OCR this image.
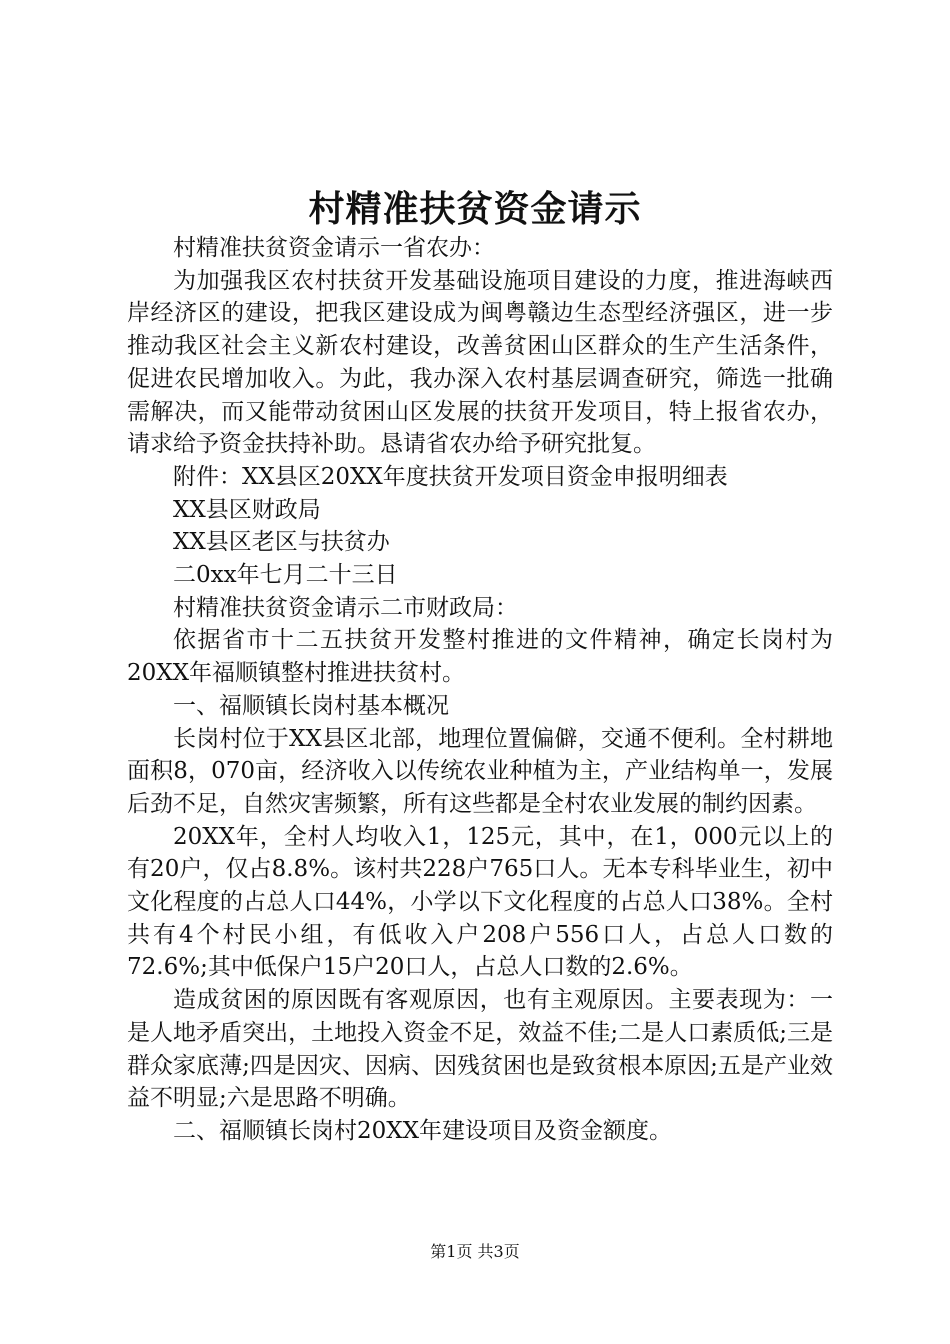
村精准扶贫资金请示

村精准扶贫资金请示一省农办：

为加强我区农村扶贫开发基础设施项目建设的力度，推进海峡西岸经济区的建设，把我区建设成为闽粤赣边生态型经济强区，进一步推动我区社会主义新农村建设，改善贫困山区群众的生产生活条件，促进农民增加收入。为此，我办深入农村基层调查研究，筛选一批确需解决，而又能带动贫困山区发展的扶贫开发项目，特上报省农办，请求给予资金扶持补助。恳请省农办给予研究批复。

附件：XX县区20XX年度扶贫开发项目资金申报明细表

XX县区财政局

XX县区老区与扶贫办

二0xx年七月二十三日

村精准扶贫资金请示二市财政局：

依据省市十二五扶贫开发整村推进的文件精神，确定长岗村为20XX年福顺镇整村推进扶贫村。

一、福顺镇长岗村基本概况

长岗村位于XX县区北部，地理位置偏僻，交通不便利。全村耕地面积8，070亩，经济收入以传统农业种植为主，产业结构单一，发展后劲不足，自然灾害频繁，所有这些都是全村农业发展的制约因素。

20XX年，全村人均收入1，125元，其中，在1，000元以上的有20户，仅占8.8%。该村共228户765口人。无本专科毕业生，初中文化程度的占总人口44%，小学以下文化程度的占总人口38%。全村共有4个村民小组，有低收入户208户556口人，占总人口数的72.6%;其中低保户15户20口人，占总人口数的2.6%。

造成贫困的原因既有客观原因，也有主观原因。主要表现为：一是人地矛盾突出，土地投入资金不足，效益不佳;二是人口素质低;三是群众家底薄;四是因灾、因病、因残贫困也是致贫根本原因;五是产业效益不明显;六是思路不明确。

二、福顺镇长岗村20XX年建设项目及资金额度。

第1页 共3页
